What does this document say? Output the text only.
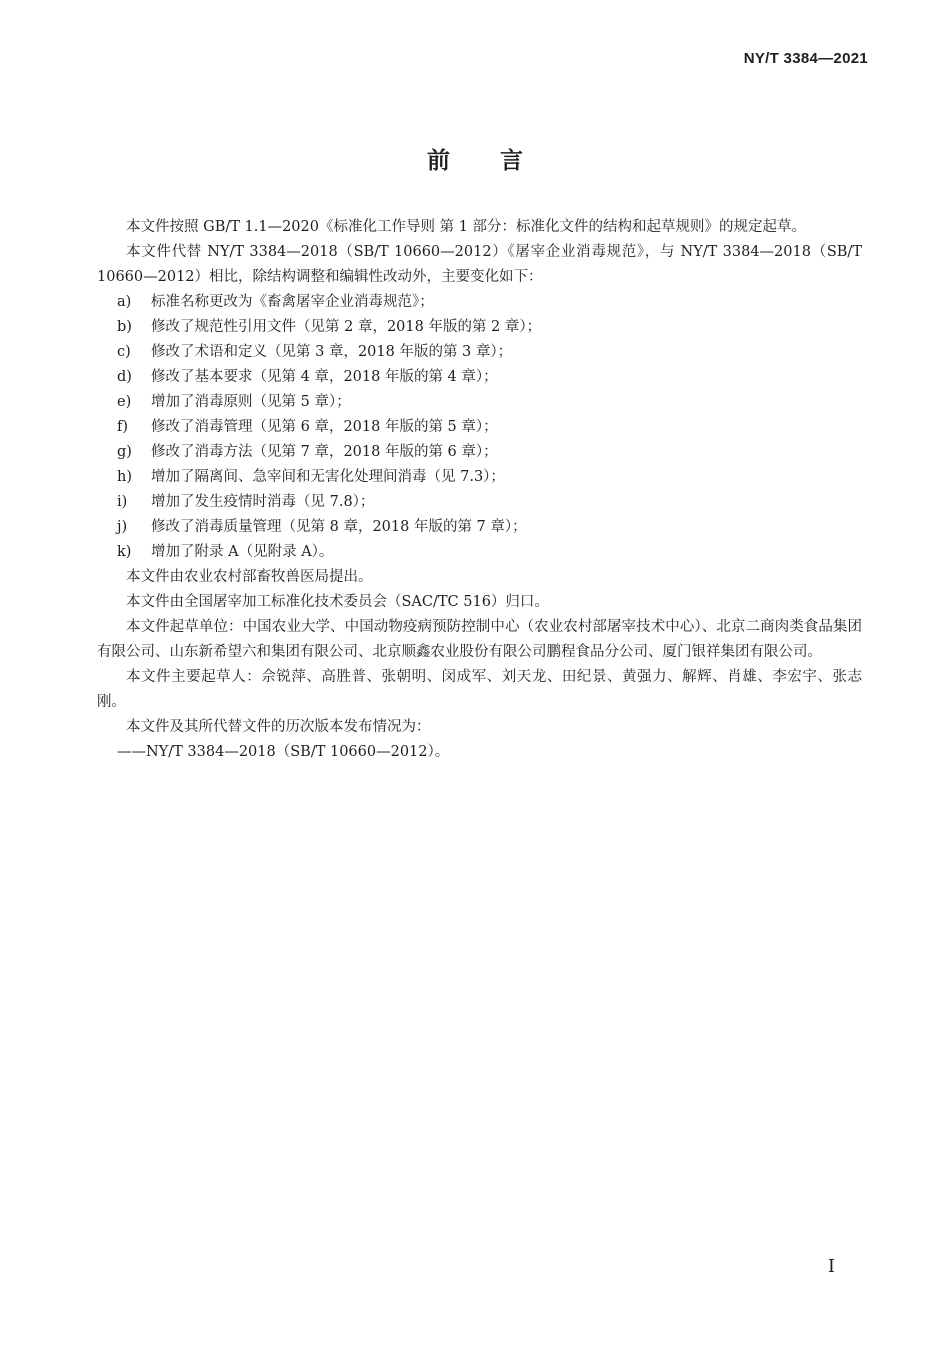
NY/T 3384—2021
前言

本文件按照 GB/T 1.1—2020《标准化工作导则 第 1 部分：标准化文件的结构和起草规则》的规定起草。

本文件代替 NY/T 3384—2018（SB/T 10660—2012）《屠宰企业消毒规范》，与 NY/T 3384—2018（SB/T 10660—2012）相比，除结构调整和编辑性改动外，主要变化如下：

a) 标准名称更改为《畜禽屠宰企业消毒规范》；
b) 修改了规范性引用文件（见第 2 章，2018 年版的第 2 章）；
c) 修改了术语和定义（见第 3 章，2018 年版的第 3 章）；
d) 修改了基本要求（见第 4 章，2018 年版的第 4 章）；
e) 增加了消毒原则（见第 5 章）；
f) 修改了消毒管理（见第 6 章，2018 年版的第 5 章）；
g) 修改了消毒方法（见第 7 章，2018 年版的第 6 章）；
h) 增加了隔离间、急宰间和无害化处理间消毒（见 7.3）；
i) 增加了发生疫情时消毒（见 7.8）；
j) 修改了消毒质量管理（见第 8 章，2018 年版的第 7 章）；
k) 增加了附录 A（见附录 A）。

本文件由农业农村部畜牧兽医局提出。

本文件由全国屠宰加工标准化技术委员会（SAC/TC 516）归口。

本文件起草单位：中国农业大学、中国动物疫病预防控制中心（农业农村部屠宰技术中心）、北京二商肉类食品集团有限公司、山东新希望六和集团有限公司、北京顺鑫农业股份有限公司鹏程食品分公司、厦门银祥集团有限公司。

本文件主要起草人：佘锐萍、高胜普、张朝明、闵成军、刘天龙、田纪景、黄强力、解辉、肖雄、李宏宇、张志刚。

本文件及其所代替文件的历次版本发布情况为：

——NY/T 3384—2018（SB/T 10660—2012）。

I
